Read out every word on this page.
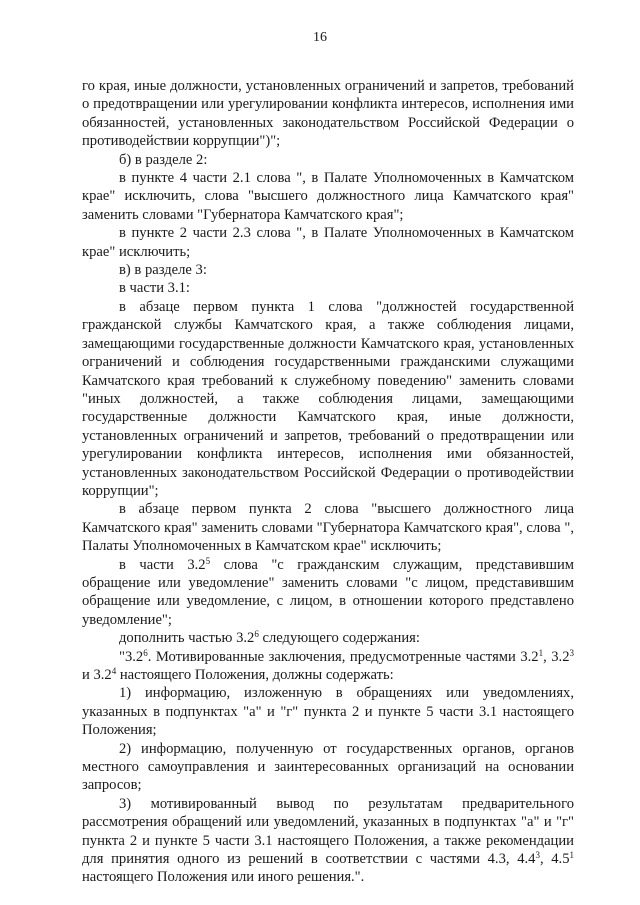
16

го края, иные должности, установленных ограничений и запретов, требований о предотвращении или урегулировании конфликта интересов, исполнения ими обязанностей, установленных законодательством Российской Федерации о противодействии коррупции")";

б) в разделе 2:

в пункте 4 части 2.1 слова ", в Палате Уполномоченных в Камчатском крае" исключить, слова "высшего должностного лица Камчатского края" заменить словами "Губернатора Камчатского края";

в пункте 2 части 2.3 слова ", в Палате Уполномоченных в Камчатском крае" исключить;

в) в разделе 3:

в части 3.1:

в абзаце первом пункта 1 слова "должностей государственной гражданской службы Камчатского края, а также соблюдения лицами, замещающими государственные должности Камчатского края, установленных ограничений и соблюдения государственными гражданскими служащими Камчатского края требований к служебному поведению" заменить словами "иных должностей, а также соблюдения лицами, замещающими государственные должности Камчатского края, иные должности, установленных ограничений и запретов, требований о предотвращении или урегулировании конфликта интересов, исполнения ими обязанностей, установленных законодательством Российской Федерации о противодействии коррупции";

в абзаце первом пункта 2 слова "высшего должностного лица Камчатского края" заменить словами "Губернатора Камчатского края", слова ", Палаты Уполномоченных в Камчатском крае" исключить;

в части $3.2^5$ слова "с гражданским служащим, представившим обращение или уведомление" заменить словами "с лицом, представившим обращение или уведомление, с лицом, в отношении которого представлено уведомление";

дополнить частью $3.2^6$ следующего содержания:

"$3.2^6$. Мотивированные заключения, предусмотренные частями $3.2^1$, $3.2^3$ и $3.2^4$ настоящего Положения, должны содержать:

1) информацию, изложенную в обращениях или уведомлениях, указанных в подпунктах "а" и "г" пункта 2 и пункте 5 части 3.1 настоящего Положения;

2) информацию, полученную от государственных органов, органов местного самоуправления и заинтересованных организаций на основании запросов;

3) мотивированный вывод по результатам предварительного рассмотрения обращений или уведомлений, указанных в подпунктах "а" и "г" пункта 2 и пункте 5 части 3.1 настоящего Положения, а также рекомендации для принятия одного из решений в соответствии с частями 4.3, $4.4^3$, $4.5^1$ настоящего Положения или иного решения.".
